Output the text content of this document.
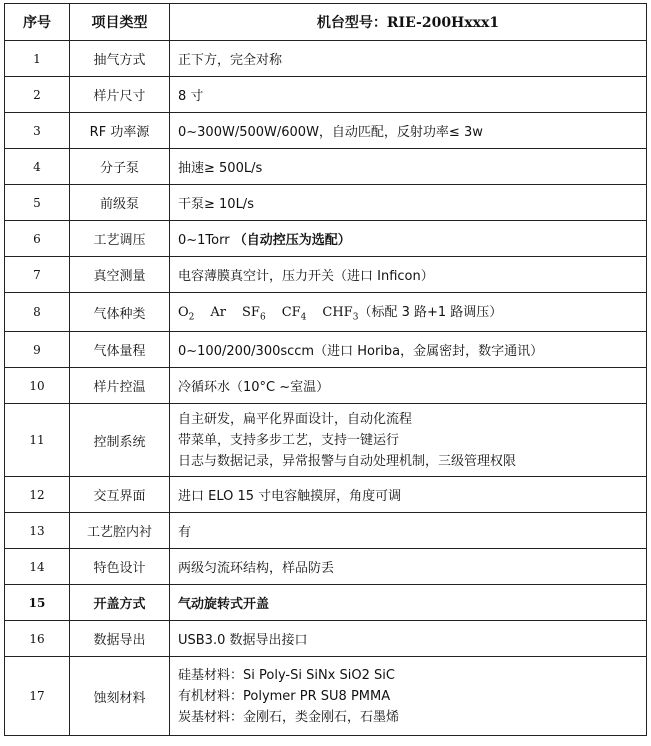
序号	项目类型	机台型号：RIE-200Hxxx1
1	抽气方式	正下方，完全对称
2	样片尺寸	8 寸
3	RF 功率源	0~300W/500W/600W，自动匹配，反射功率≤ 3w
4	分子泵	抽速≥ 500L/s
5	前级泵	干泵≥ 10L/s
6	工艺调压	0~1Torr （自动控压为选配）
7	真空测量	电容薄膜真空计，压力开关（进口 Inficon）
8	气体种类	$O_2$ Ar $SF_6$ $CF_4$ $CHF_3$（标配 3 路+1 路调压）
9	气体量程	0~100/200/300sccm（进口 Horiba，金属密封，数字通讯）
10	样片控温	冷循环水（10°C ~室温）
11	控制系统	自主研发，扁平化界面设计，自动化流程
带菜单，支持多步工艺，支持一键运行
日志与数据记录，异常报警与自动处理机制，三级管理权限

12	交互界面	进口 ELO 15 寸电容触摸屏，角度可调
13	工艺腔内衬	有
14	特色设计	两级匀流环结构，样品防丢
15	开盖方式	气动旋转式开盖
16	数据导出	USB3.0 数据导出接口
17	蚀刻材料	硅基材料：Si Poly-Si SiNx SiO2 SiC
有机材料：Polymer PR SU8 PMMA
炭基材料：金刚石，类金刚石，石墨烯
